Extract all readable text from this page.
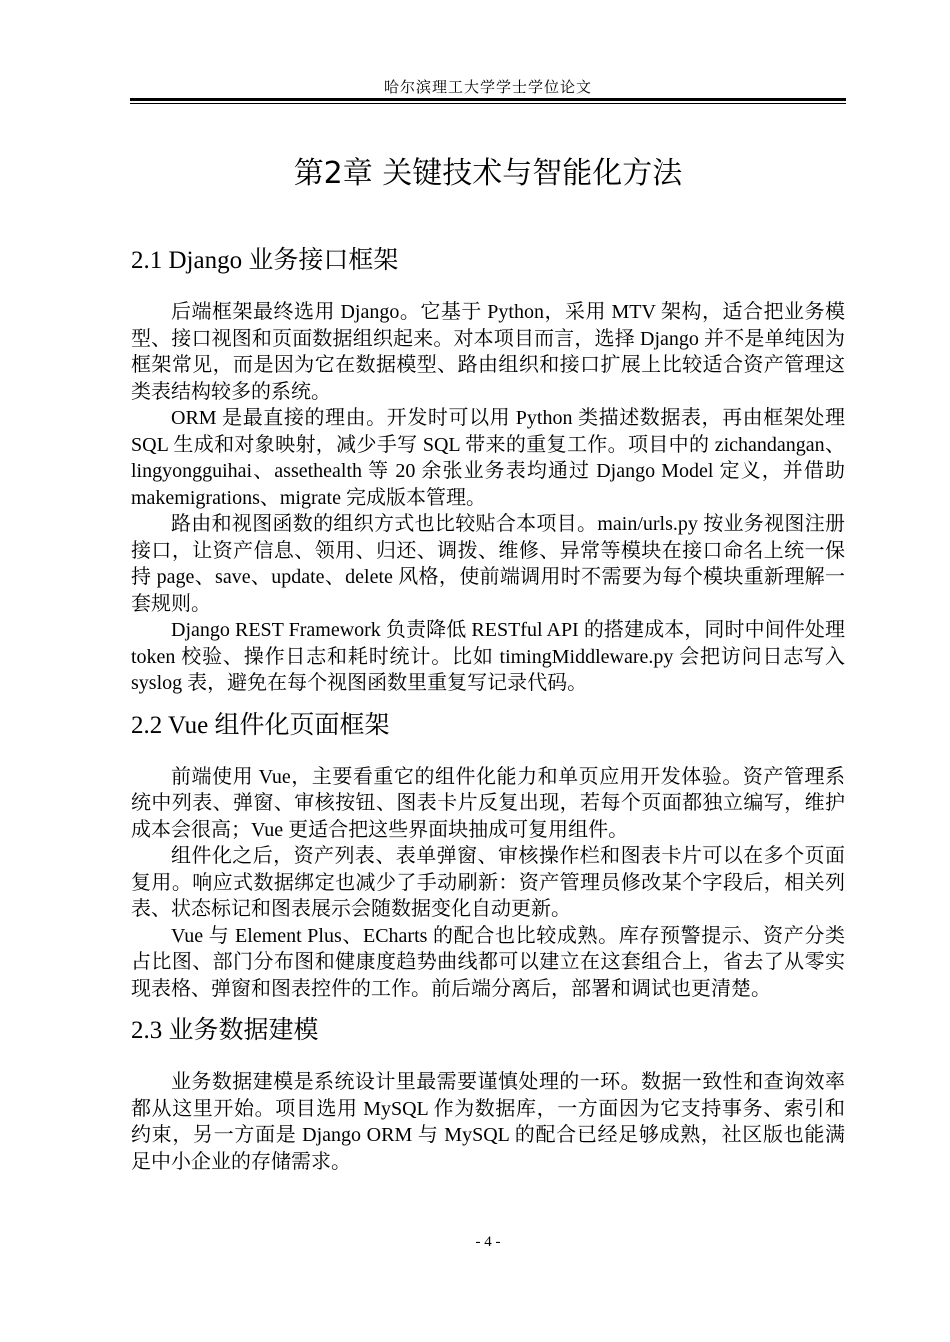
哈尔滨理工大学学士学位论文
第2章 关键技术与智能化方法
2.1 Django 业务接口框架

后端框架最终选用 Django。它基于 Python，采用 MTV 架构，适合把业务模型、接口视图和页面数据组织起来。对本项目而言，选择 Django 并不是单纯因为框架常见，而是因为它在数据模型、路由组织和接口扩展上比较适合资产管理这类表结构较多的系统。

ORM 是最直接的理由。开发时可以用 Python 类描述数据表，再由框架处理 SQL 生成和对象映射，减少手写 SQL 带来的重复工作。项目中的 zichandangan、lingyongguihai、assethealth 等 20 余张业务表均通过 Django Model 定义，并借助 makemigrations、migrate 完成版本管理。

路由和视图函数的组织方式也比较贴合本项目。main/urls.py 按业务视图注册接口，让资产信息、领用、归还、调拨、维修、异常等模块在接口命名上统一保持 page、save、update、delete 风格，使前端调用时不需要为每个模块重新理解一套规则。

Django REST Framework 负责降低 RESTful API 的搭建成本，同时中间件处理 token 校验、操作日志和耗时统计。比如 timingMiddleware.py 会把访问日志写入 syslog 表，避免在每个视图函数里重复写记录代码。

2.2 Vue 组件化页面框架

前端使用 Vue，主要看重它的组件化能力和单页应用开发体验。资产管理系统中列表、弹窗、审核按钮、图表卡片反复出现，若每个页面都独立编写，维护成本会很高；Vue 更适合把这些界面块抽成可复用组件。

组件化之后，资产列表、表单弹窗、审核操作栏和图表卡片可以在多个页面复用。响应式数据绑定也减少了手动刷新：资产管理员修改某个字段后，相关列表、状态标记和图表展示会随数据变化自动更新。

Vue 与 Element Plus、ECharts 的配合也比较成熟。库存预警提示、资产分类占比图、部门分布图和健康度趋势曲线都可以建立在这套组合上，省去了从零实现表格、弹窗和图表控件的工作。前后端分离后，部署和调试也更清楚。

2.3 业务数据建模

业务数据建模是系统设计里最需要谨慎处理的一环。数据一致性和查询效率都从这里开始。项目选用 MySQL 作为数据库，一方面因为它支持事务、索引和约束，另一方面是 Django ORM 与 MySQL 的配合已经足够成熟，社区版也能满足中小企业的存储需求。

- 4 -
